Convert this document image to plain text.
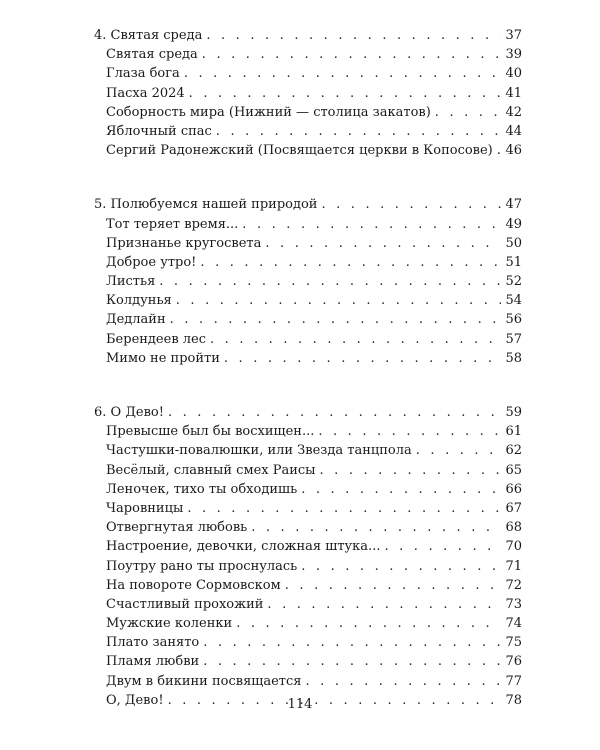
4. Святая среда . . .	37
Святая среда . . .	39
Глаза бога . . .	40
Пасха 2024 . . .	41
Соборность мира (Нижний — столица закатов) . . .	42
Яблочный спас . . .	44
Сергий Радонежский (Посвящается церкви в Копосове) . . . 46
5. Полюбуемся нашей природой . . .	47
Тот теряет время... . . .	49
Признанье кругосвета . . .	50
Доброе утро! . . .	51
Листья . . .	52
Колдунья . . .	54
Дедлайн . . .	56
Берендеев лес . . .	57
Мимо не пройти . . .	58
6. О Дево! . . .	59
Превысше был бы восхищен... . . .	61
Частушки-повалюшки, или Звезда танцпола . . .	62
Весёлый, славный смех Раисы . . .	65
Леночек, тихо ты обходишь . . .	66
Чаровницы . . .	67
Отвергнутая любовь . . .	68
Настроение, девочки, сложная штука... . . .	70
Поутру рано ты проснулась . . .	71
На повороте Сормовском . . .	72
Счастливый прохожий . . .	73
Мужские коленки . . .	74
Плато занято . . .	75
Пламя любви . . .	76
Двум в бикини посвящается . . .	77
О, Дево! . . .	78
114
